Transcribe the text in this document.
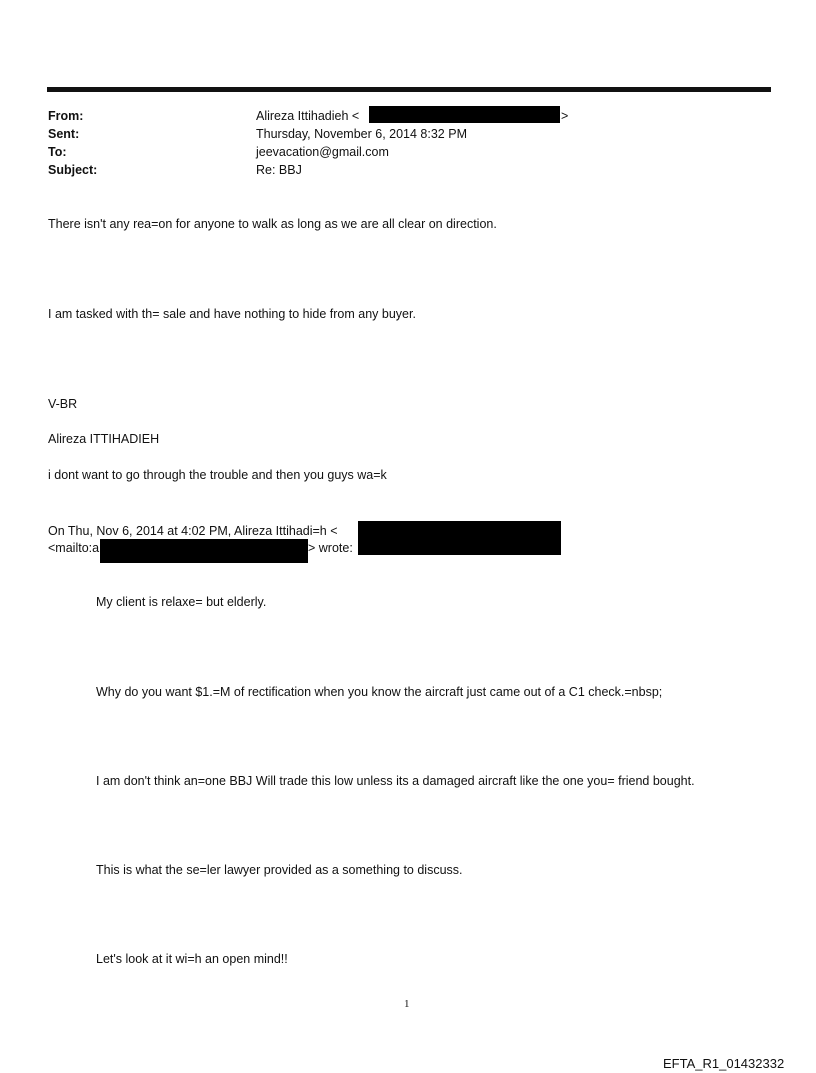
From:
Sent:
To:
Subject:
Alireza Ittihadieh <	>
Thursday, November 6, 2014 8:32 PM
jeevacation@gmail.com
Re: BBJ
There isn't any rea=on for anyone to walk as long as we are all clear on direction.
I am tasked with th= sale and have nothing to hide from any buyer.
V-BR
Alireza ITTIHADIEH
i dont want to go through the trouble and then you guys wa=k
On Thu, Nov 6, 2014 at 4:02 PM, Alireza Ittihadi=h <
<mailto:a	> wrote:
My client is relaxe= but elderly.
Why do you want $1.=M of rectification when you know the aircraft just came out of a C1 check.=nbsp;
I am don't think an=one BBJ Will trade this low unless its a damaged aircraft like the one you= friend bought.
This is what the se=ler lawyer provided as a something to discuss.
Let's look at it wi=h an open mind!!
1
EFTA_R1_01432332
